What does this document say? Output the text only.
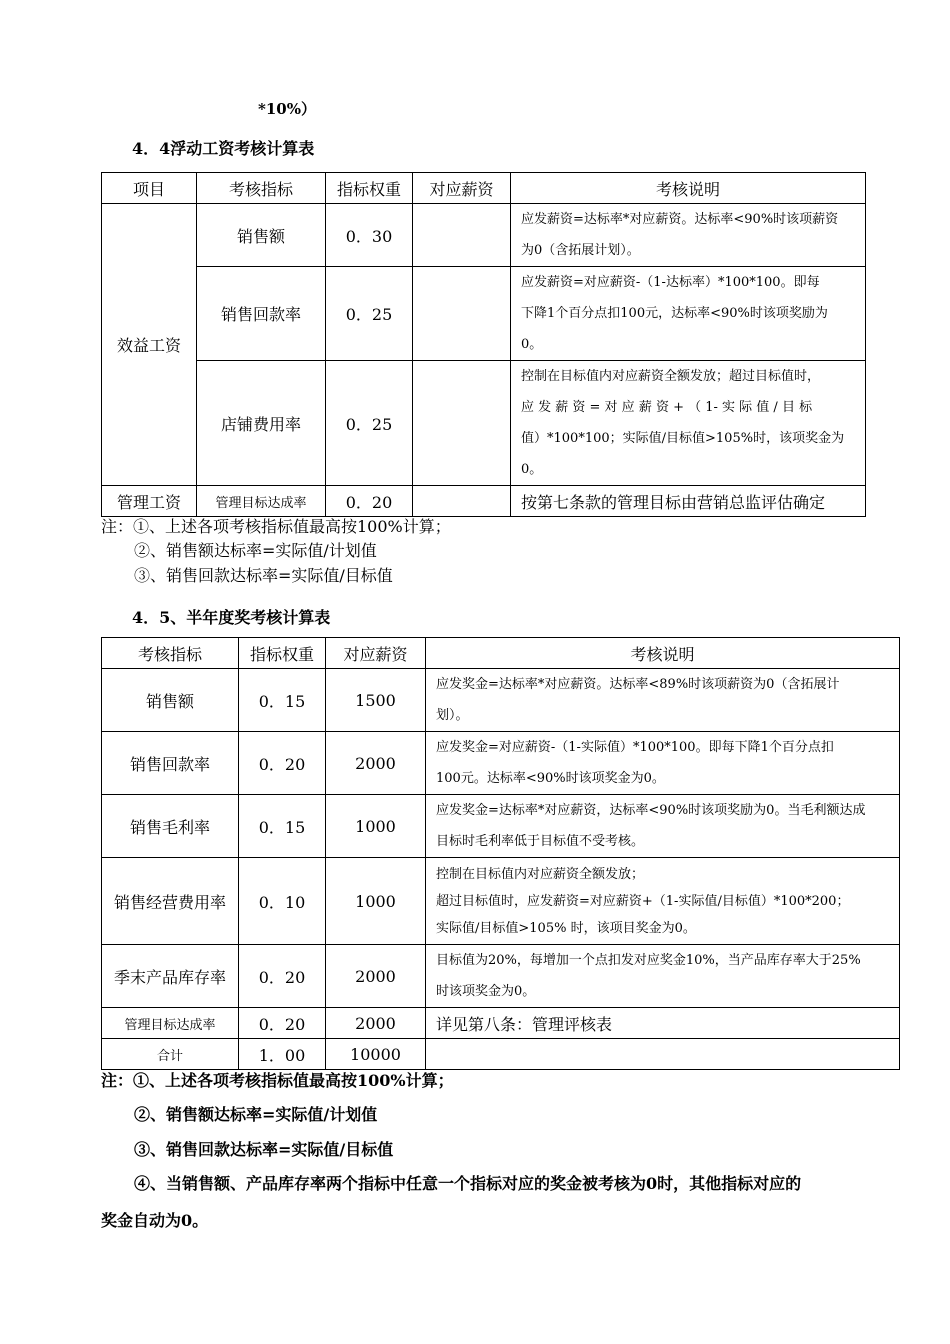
*10%）
4．4浮动工资考核计算表
项目	考核指标	指标权重	对应薪资	考核说明
效益工资	销售额	0．30		应发薪资=达标率*对应薪资。达标率<90%时该项薪资
为0（含拓展计划）。

	销售回款率	0．25		应发薪资=对应薪资-（1-达标率）*100*100。即每
下降1个百分点扣100元，达标率<90%时该项奖励为
0。

	店铺费用率	0．25		控制在目标值内对应薪资全额发放；超过目标值时，
应 发 薪 资 = 对 应 薪 资 + （ 1- 实 际 值 / 目 标
值）*100*100；实际值/目标值>105%时，该项奖金为
0。

管理工资	管理目标达成率	0．20		按第七条款的管理目标由营销总监评估确定
注：①、上述各项考核指标值最高按100%计算；
②、销售额达标率=实际值/计划值
③、销售回款达标率=实际值/目标值
4．5、半年度奖考核计算表
考核指标	指标权重	对应薪资	考核说明
销售额	0．15	1500	应发奖金=达标率*对应薪资。达标率<89%时该项薪资为0（含拓展计
划）。

销售回款率	0．20	2000	应发奖金=对应薪资-（1-实际值）*100*100。即每下降1个百分点扣
100元。达标率<90%时该项奖金为0。

销售毛利率	0．15	1000	应发奖金=达标率*对应薪资，达标率<90%时该项奖励为0。当毛利额达成
目标时毛利率低于目标值不受考核。

销售经营费用率	0．10	1000	控制在目标值内对应薪资全额发放；
超过目标值时，应发薪资=对应薪资+（1-实际值/目标值）*100*200；
实际值/目标值>105% 时，该项目奖金为0。

季末产品库存率	0．20	2000	目标值为20%，每增加一个点扣发对应奖金10%，当产品库存率大于25%
时该项奖金为0。

管理目标达成率	0．20	2000	详见第八条：管理评核表
合计	1．00	10000	
注：①、上述各项考核指标值最高按100%计算；
②、销售额达标率=实际值/计划值
③、销售回款达标率=实际值/目标值
④、当销售额、产品库存率两个指标中任意一个指标对应的奖金被考核为0时，其他指标对应的
奖金自动为0。
